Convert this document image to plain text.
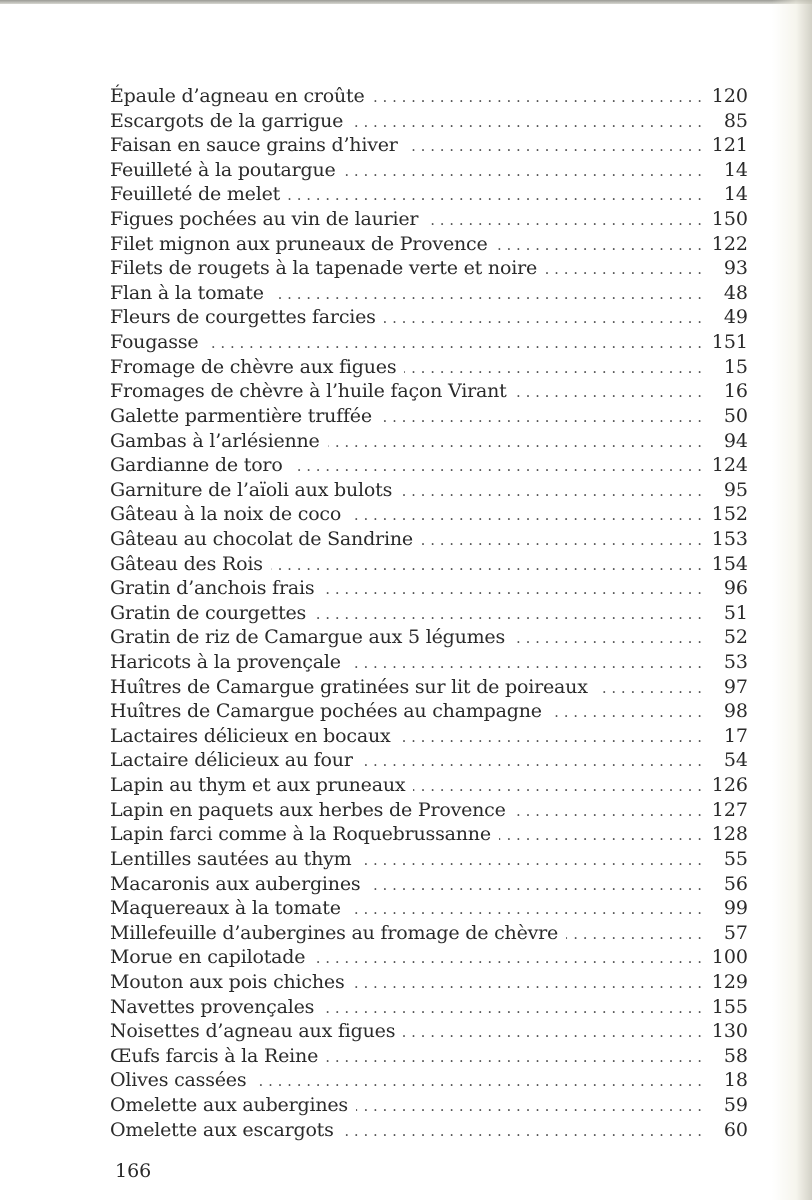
Épaule d’agneau en croûte . . .	120
Escargots de la garrigue . . .	85
Faisan en sauce grains d’hiver . . .	121
Feuilleté à la poutargue . . .	14
Feuilleté de melet . . .	14
Figues pochées au vin de laurier . . .	150
Filet mignon aux pruneaux de Provence . . .	122
Filets de rougets à la tapenade verte et noire . . .	93
Flan à la tomate . . .	48
Fleurs de courgettes farcies . . .	49
Fougasse . . .	151
Fromage de chèvre aux figues . . .	15
Fromages de chèvre à l’huile façon Virant . . .	16
Galette parmentière truffée . . .	50
Gambas à l’arlésienne . . .	94
Gardianne de toro . . .	124
Garniture de l’aïoli aux bulots . . .	95
Gâteau à la noix de coco . . .	152
Gâteau au chocolat de Sandrine . . .	153
Gâteau des Rois . . .	154
Gratin d’anchois frais . . .	96
Gratin de courgettes . . .	51
Gratin de riz de Camargue aux 5 légumes . . .	52
Haricots à la provençale . . .	53
Huîtres de Camargue gratinées sur lit de poireaux . . .	97
Huîtres de Camargue pochées au champagne . . .	98
Lactaires délicieux en bocaux . . .	17
Lactaire délicieux au four . . .	54
Lapin au thym et aux pruneaux . . .	126
Lapin en paquets aux herbes de Provence . . .	127
Lapin farci comme à la Roquebrussanne . . .	128
Lentilles sautées au thym . . .	55
Macaronis aux aubergines . . .	56
Maquereaux à la tomate . . .	99
Millefeuille d’aubergines au fromage de chèvre . . .	57
Morue en capilotade . . .	100
Mouton aux pois chiches . . .	129
Navettes provençales . . .	155
Noisettes d’agneau aux figues . . .	130
Œufs farcis à la Reine . . .	58
Olives cassées . . .	18
Omelette aux aubergines . . .	59
Omelette aux escargots . . .	60
166
